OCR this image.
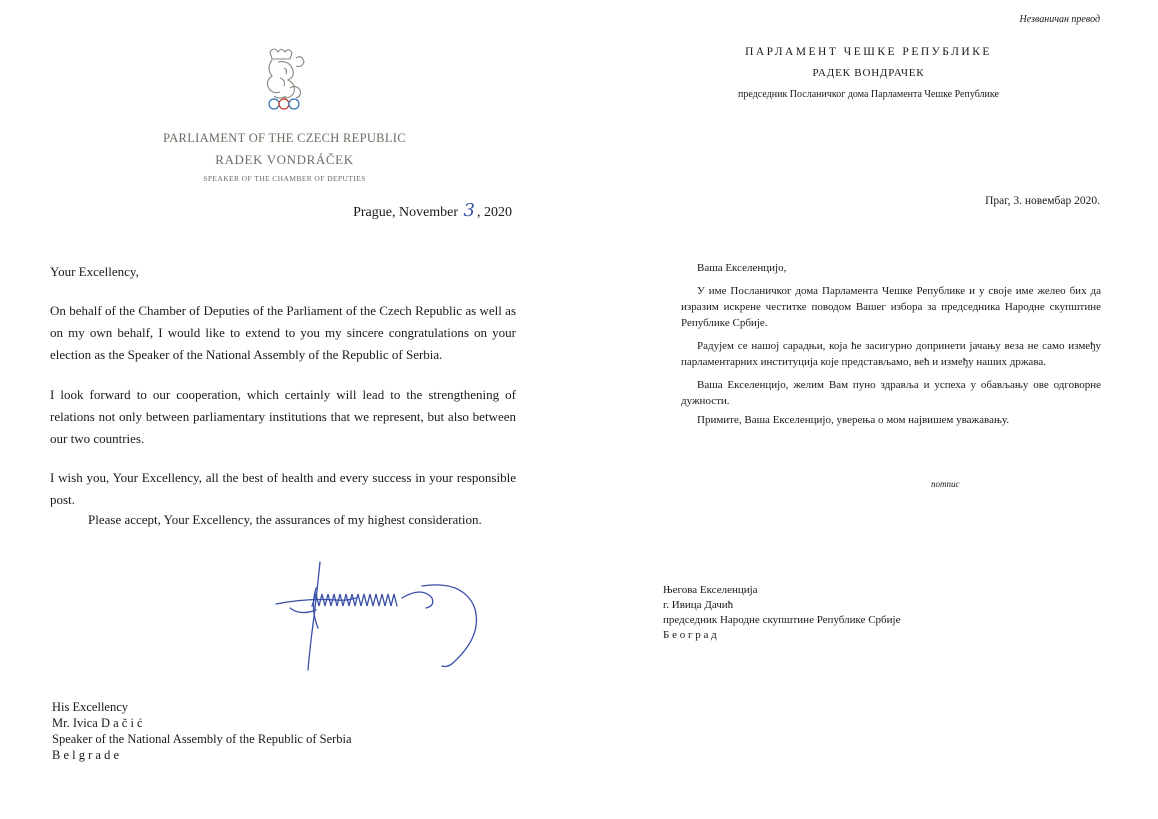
PARLIAMENT OF THE CZECH REPUBLIC
RADEK VONDRÁČEK
SPEAKER OF THE CHAMBER OF DEPUTIES
Prague, November 3 , 2020
Your Excellency,
On behalf of the Chamber of Deputies of the Parliament of the Czech Republic as well as on my own behalf, I would like to extend to you my sincere congratulations on your election as the Speaker of the National Assembly of the Republic of Serbia.
I look forward to our cooperation, which certainly will lead to the strengthening of relations not only between parliamentary institutions that we represent, but also between our two countries.
I wish you, Your Excellency, all the best of health and every success in your responsible post.
Please accept, Your Excellency, the assurances of my highest consideration.
His Excellency
Mr. Ivica D a č i ć
Speaker of the National Assembly of the Republic of Serbia
B e l g r a d e
Незваничан превод
ПАРЛАМЕНТ ЧЕШКЕ РЕПУБЛИКЕ
РАДЕК ВОНДРАЧЕК
председник Посланичког дома Парламента Чешке Републике
Праг, 3. новембар 2020.
Ваша Екселенцијо,
У име Посланичког дома Парламента Чешке Републике и у своје име желео бих да изразим искрене честитке поводом Вашег избора за председника Народне скупштине Републике Србије.
Радујем се нашој сарадњи, која ће засигурно допринети јачању веза не само између парламентарних институција које представљамо, већ и између наших држава.
Ваша Екселенцијо, желим Вам пуно здравља и успеха у обављању ове одговорне дужности.
Примите, Ваша Екселенцијо, уверења о мом највишем уважавању.
потпис
Његова Екселенција
г. Ивица Дачић
председник Народне скупштине Републике Србије
Б е о г р а д
